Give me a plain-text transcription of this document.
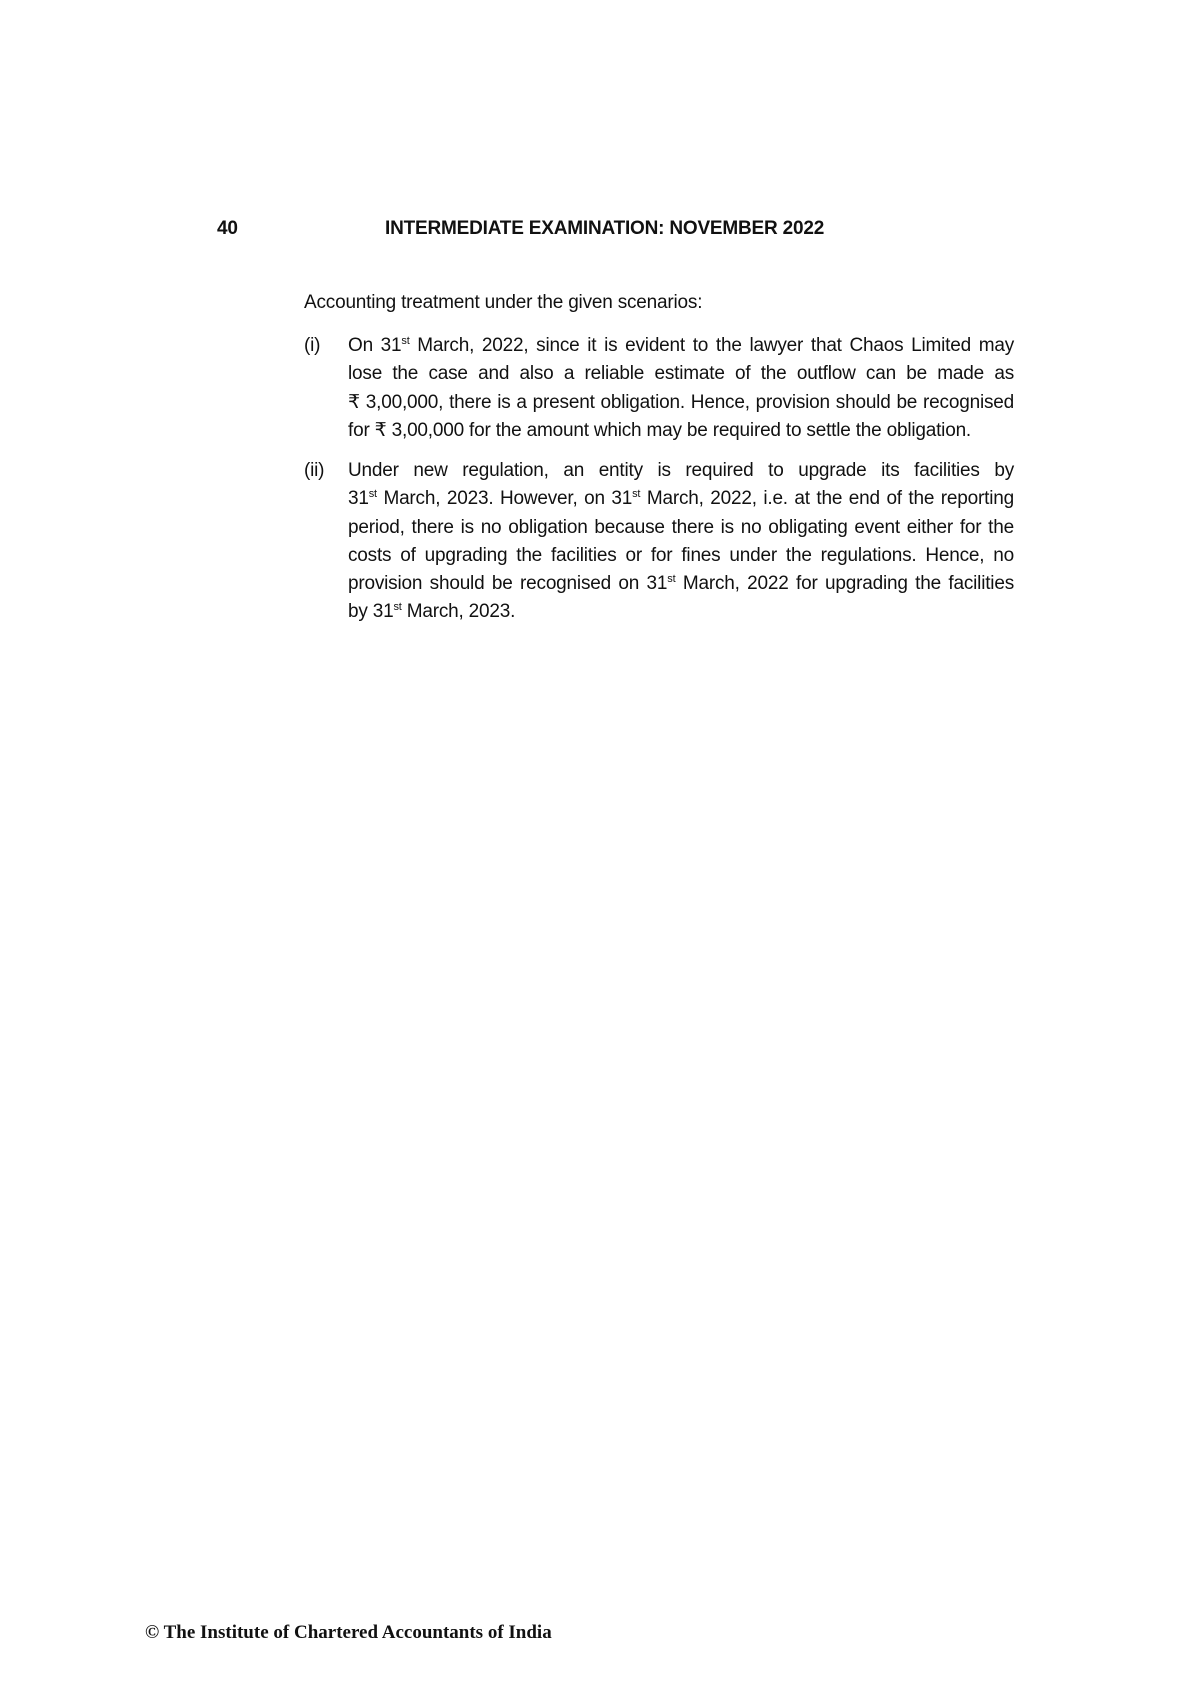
40	INTERMEDIATE EXAMINATION: NOVEMBER 2022
Accounting treatment under the given scenarios:
(i) On 31st March, 2022, since it is evident to the lawyer that Chaos Limited may
lose the case and also a reliable estimate of the outflow can be made as
₹ 3,00,000, there is a present obligation. Hence, provision should be recognised
for ₹ 3,00,000 for the amount which may be required to settle the obligation.
(ii) Under new regulation, an entity is required to upgrade its facilities by
31st March, 2023. However, on 31st March, 2022, i.e. at the end of the reporting
period, there is no obligation because there is no obligating event either for the
costs of upgrading the facilities or for fines under the regulations. Hence, no
provision should be recognised on 31st March, 2022 for upgrading the facilities
by 31st March, 2023.
© The Institute of Chartered Accountants of India
